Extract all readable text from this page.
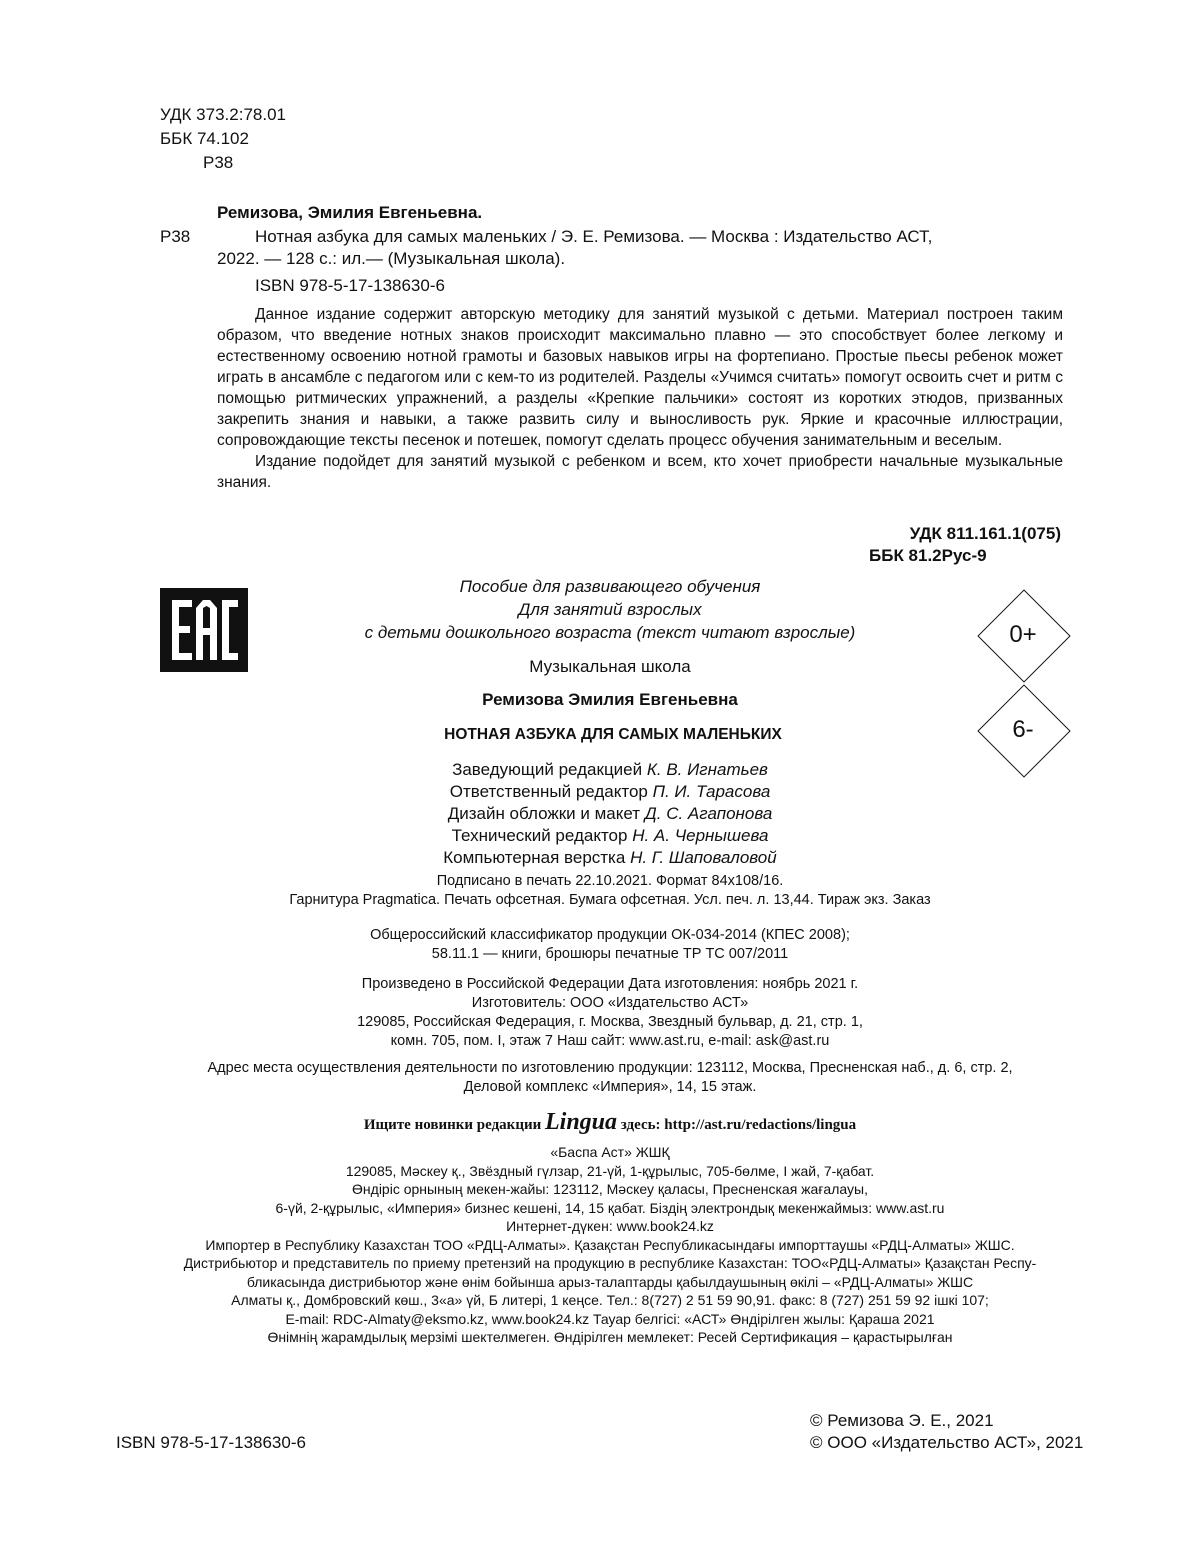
УДК 373.2:78.01
ББК 74.102
Р38
Ремизова, Эмилия Евгеньевна.
Р38	Нотная азбука для самых маленьких / Э. Е. Ремизова. — Москва : Издательство АСТ,
2022. — 128 с.: ил.— (Музыкальная школа).
ISBN 978-5-17-138630-6

Данное издание содержит авторскую методику для занятий музыкой с детьми. Материал построен таким образом, что введение нотных знаков происходит максимально плавно — это способствует более легкому и естественному освоению нотной грамоты и базовых навыков игры на фортепиано. Простые пьесы ребенок может играть в ансамбле с педагогом или с кем-то из родителей. Разделы «Учимся считать» помогут освоить счет и ритм с помощью ритмических упражнений, а разделы «Крепкие пальчики» состоят из коротких этюдов, призванных закрепить знания и навыки, а также развить силу и выносливость рук. Яркие и красочные иллюстрации, сопровождающие тексты песенок и потешек, помогут сделать процесс обучения занимательным и веселым.

Издание подойдет для занятий музыкой с ребенком и всем, кто хочет приобрести начальные музыкальные знания.

УДК 811.161.1(075)
ББК 81.2Рус-9
0+
6-
Пособие для развивающего обучения
Для занятий взрослых
с детьми дошкольного возраста (текст читают взрослые)
Музыкальная школа
Ремизова Эмилия Евгеньевна
НОТНАЯ АЗБУКА ДЛЯ САМЫХ МАЛЕНЬКИХ
Заведующий редакцией К. В. Игнатьев
Ответственный редактор П. И. Тарасова
Дизайн обложки и макет Д. С. Агапонова
Технический редактор Н. А. Чернышева
Компьютерная верстка Н. Г. Шаповаловой
Подписано в печать 22.10.2021. Формат 84x108/16.
Гарнитура Pragmatica. Печать офсетная. Бумага офсетная. Усл. печ. л. 13,44. Тираж экз. Заказ
Общероссийский классификатор продукции ОК-034-2014 (КПЕС 2008);
58.11.1 — книги, брошюры печатные ТР ТС 007/2011
Произведено в Российской Федерации Дата изготовления: ноябрь 2021 г.
Изготовитель: ООО «Издательство АСТ»
129085, Российская Федерация, г. Москва, Звездный бульвар, д. 21, стр. 1,
комн. 705, пом. I, этаж 7 Наш сайт: www.ast.ru, e-mail: ask@ast.ru
Адрес места осуществления деятельности по изготовлению продукции: 123112, Москва, Пресненская наб., д. 6, стр. 2,
Деловой комплекс «Империя», 14, 15 этаж.
Ищите новинки редакции Lingua здесь: http://ast.ru/redactions/lingua
«Баспа Аст» ЖШҚ
129085, Мәскеу қ., Звёздный гүлзар, 21-үй, 1-құрылыс, 705-бөлме, I жай, 7-қабат.
Өндіріс орнының мекен-жайы: 123112, Мәскеу қаласы, Пресненская жағалауы,
6-үй, 2-құрылыс, «Империя» бизнес кешені, 14, 15 қабат. Біздің электрондық мекенжаймыз: www.ast.ru
Интернет-дүкен: www.book24.kz
Импортер в Республику Казахстан ТОО «РДЦ-Алматы». Қазақстан Республикасындағы импорттаушы «РДЦ-Алматы» ЖШС.
Дистрибьютор и представитель по приему претензий на продукцию в республике Казахстан: ТОО«РДЦ-Алматы» Қазақстан Респу-
бликасында дистрибьютор және өнім бойынша арыз-талаптарды қабылдаушының өкілі – «РДЦ-Алматы» ЖШС
Алматы қ., Домбровский көш., 3«а» үй, Б литері, 1 кеңсе. Тел.: 8(727) 2 51 59 90,91. факс: 8 (727) 251 59 92 ішкі 107;
E-mail: RDC-Almaty@eksmo.kz, www.book24.kz Тауар белгісі: «АСТ» Өндірілген жылы: Қараша 2021
Өнімнің жарамдылық мерзімі шектелмеген. Өндірілген мемлекет: Ресей Сертификация – қарастырылған
ISBN 978-5-17-138630-6
© Ремизова Э. Е., 2021
© ООО «Издательство АСТ», 2021
